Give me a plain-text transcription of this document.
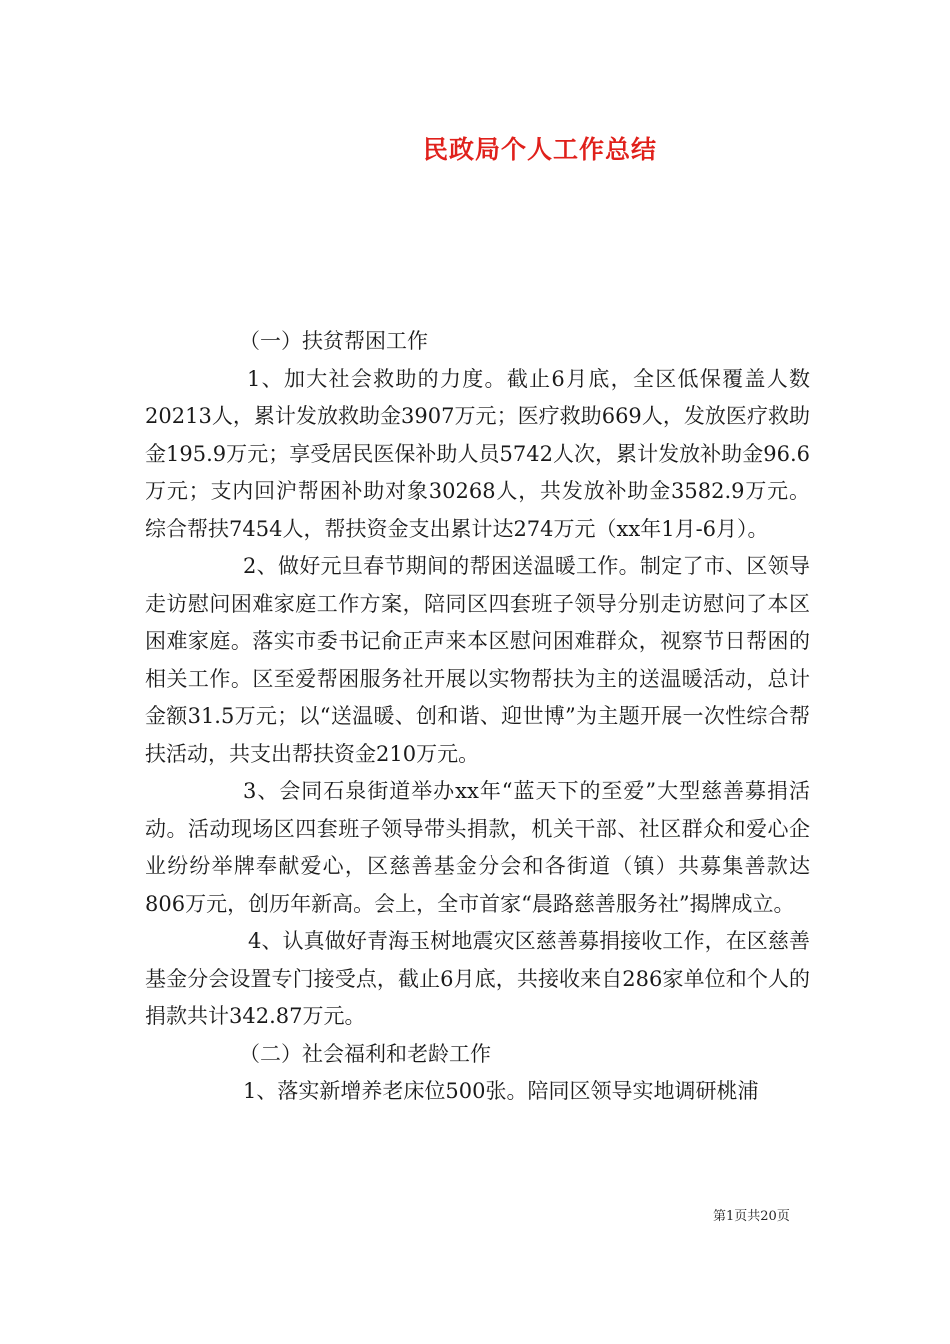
民政局个人工作总结

（一）扶贫帮困工作

1、加大社会救助的力度。截止6月底，全区低保覆盖人数20213人，累计发放救助金3907万元；医疗救助669人，发放医疗救助金195.9万元；享受居民医保补助人员5742人次，累计发放补助金96.6万元；支内回沪帮困补助对象30268人，共发放补助金3582.9万元。综合帮扶7454人，帮扶资金支出累计达274万元（xx年1月-6月）。

2、做好元旦春节期间的帮困送温暖工作。制定了市、区领导走访慰问困难家庭工作方案，陪同区四套班子领导分别走访慰问了本区困难家庭。落实市委书记俞正声来本区慰问困难群众，视察节日帮困的相关工作。区至爱帮困服务社开展以实物帮扶为主的送温暖活动，总计金额31.5万元；以“送温暖、创和谐、迎世博”为主题开展一次性综合帮扶活动，共支出帮扶资金210万元。

3、会同石泉街道举办xx年“蓝天下的至爱”大型慈善募捐活动。活动现场区四套班子领导带头捐款，机关干部、社区群众和爱心企业纷纷举牌奉献爱心，区慈善基金分会和各街道（镇）共募集善款达806万元，创历年新高。会上，全市首家“晨路慈善服务社”揭牌成立。

4、认真做好青海玉树地震灾区慈善募捐接收工作，在区慈善基金分会设置专门接受点，截止6月底，共接收来自286家单位和个人的捐款共计342.87万元。

（二）社会福利和老龄工作

1、落实新增养老床位500张。陪同区领导实地调研桃浦

第1页共20页
